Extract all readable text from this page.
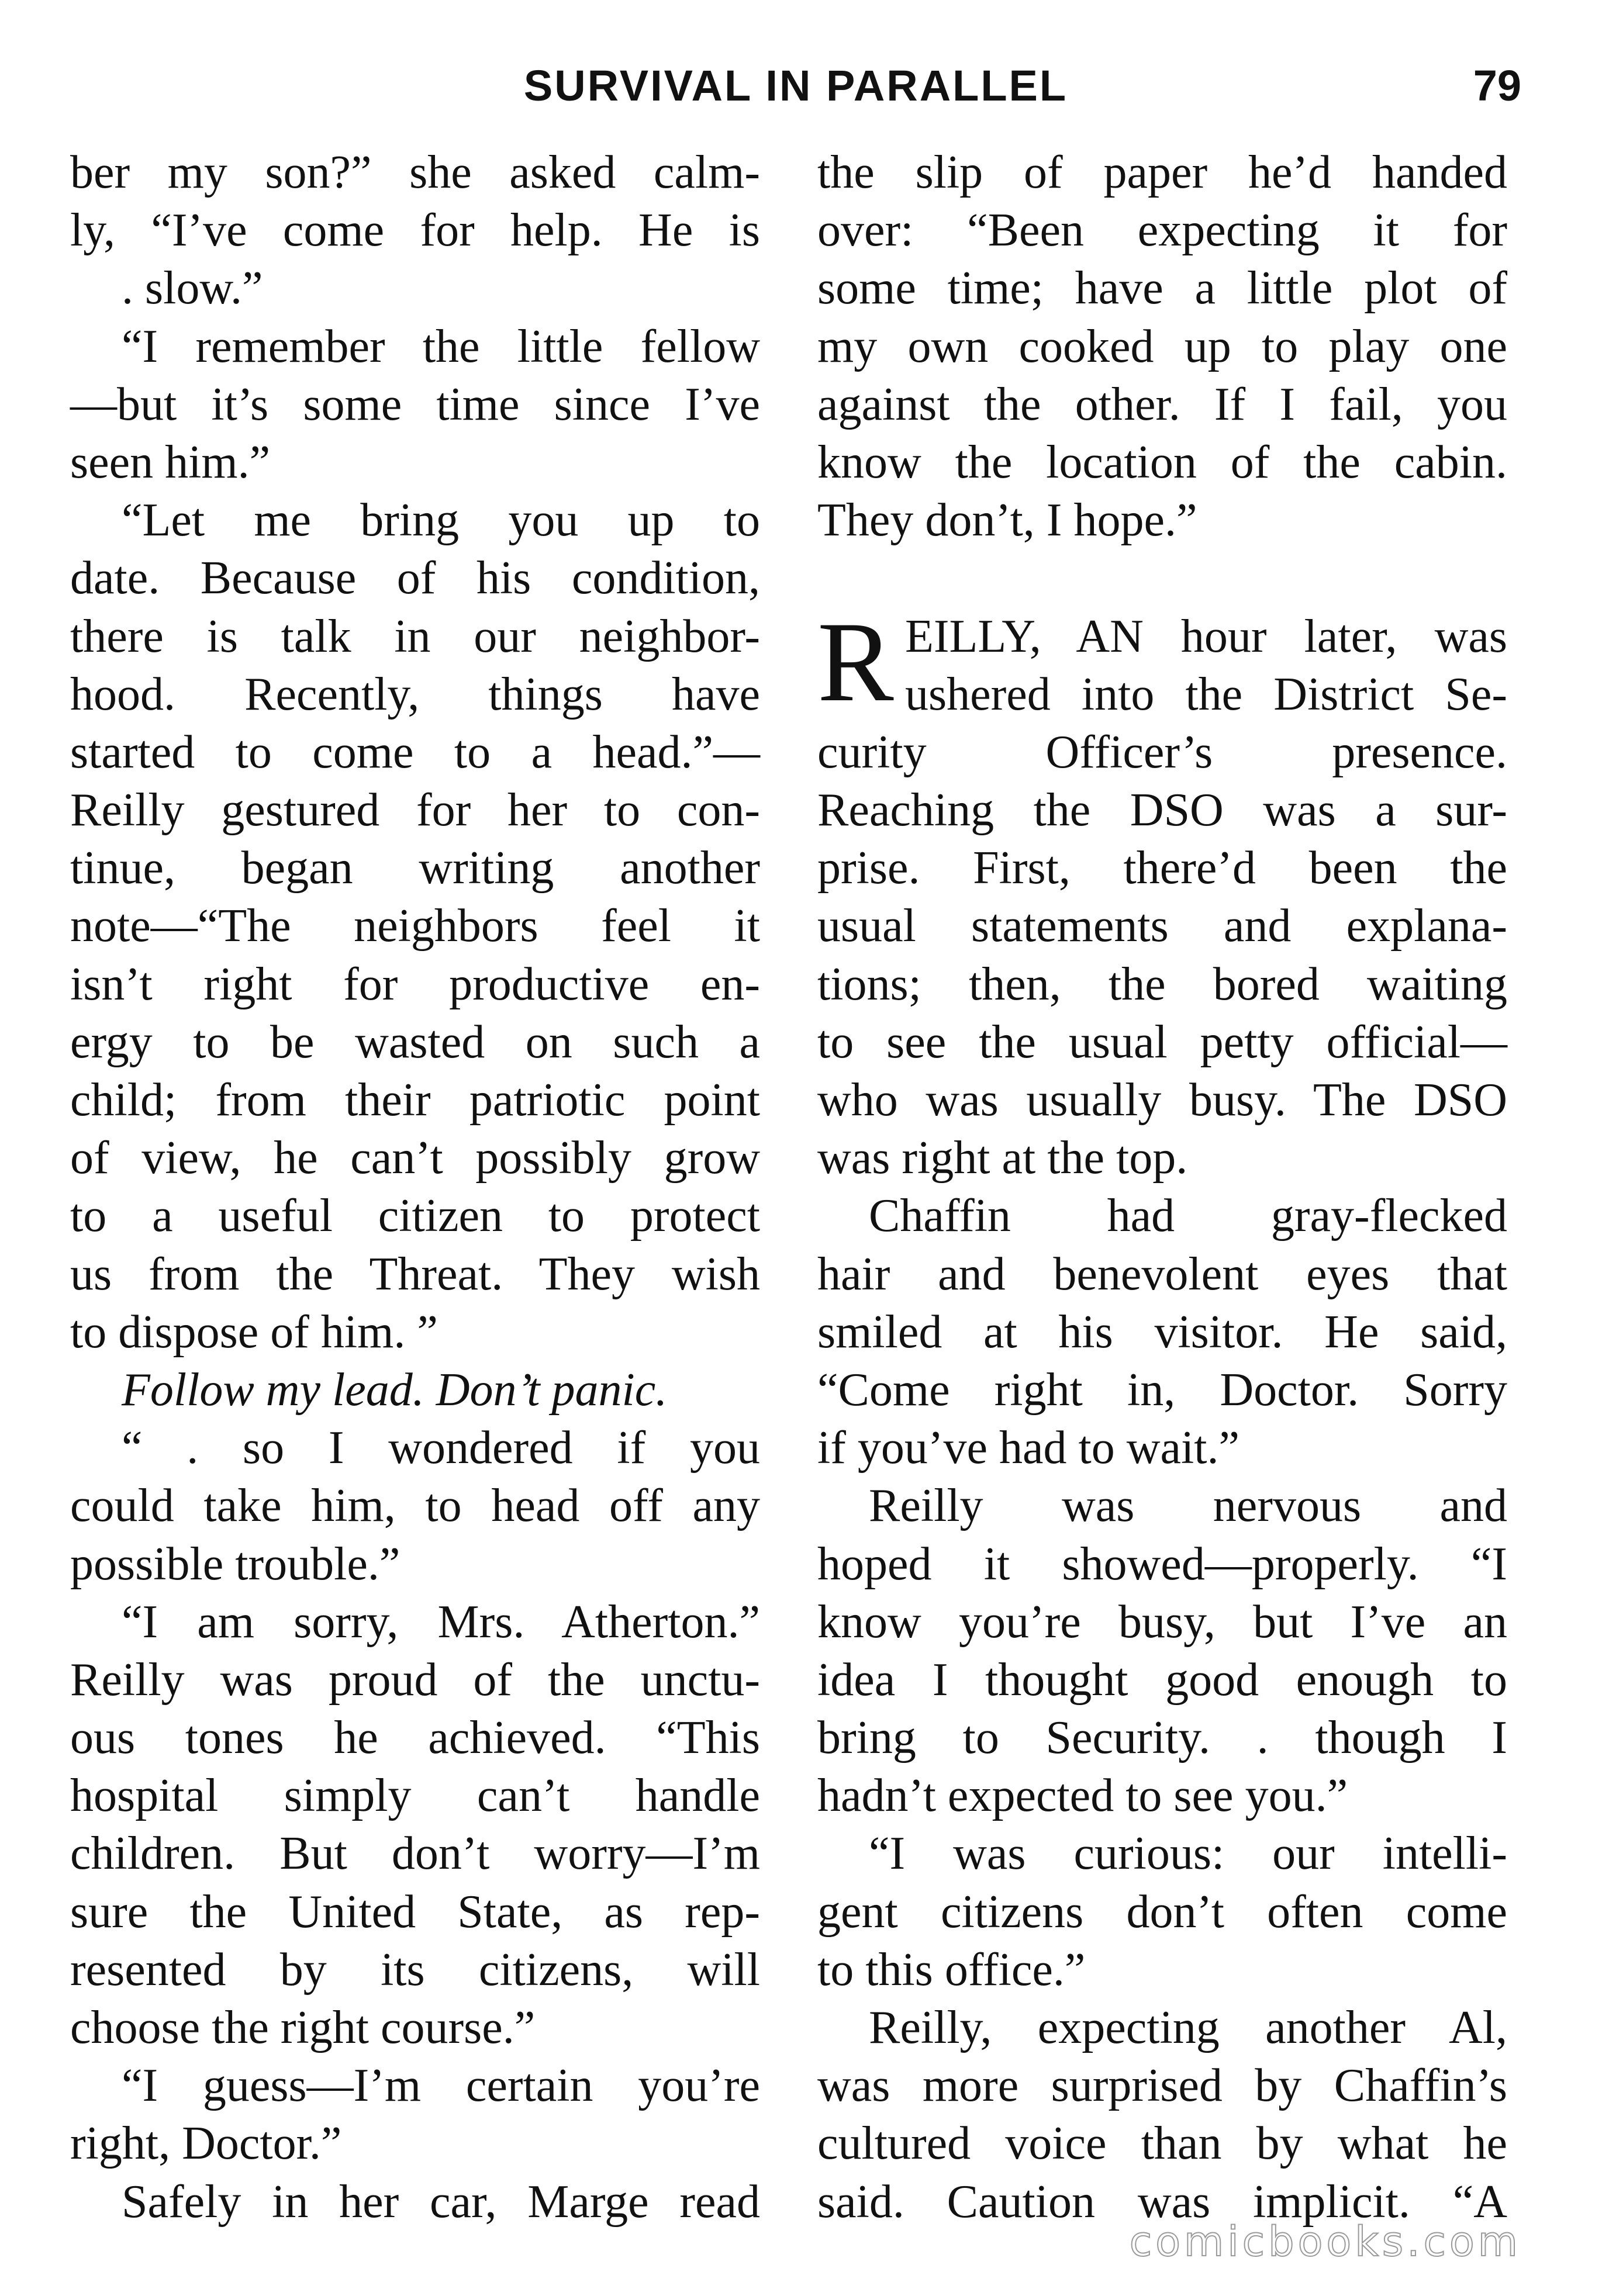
SURVIVAL IN PARALLEL	79
ber my son?” she asked calm-
ly, “I’ve come for help. He is
. slow.”
“I remember the little fellow
—but it’s some time since I’ve
seen him.”
“Let me bring you up to
date. Because of his condition,
there is talk in our neighbor-
hood. Recently, things have
started to come to a head.”—
Reilly gestured for her to con-
tinue, began writing another
note—“The neighbors feel it
isn’t right for productive en-
ergy to be wasted on such a
child; from their patriotic point
of view, he can’t possibly grow
to a useful citizen to protect
us from the Threat. They wish
to dispose of him. ”
Follow my lead. Don’t panic.
“ . so I wondered if you
could take him, to head off any
possible trouble.”
“I am sorry, Mrs. Atherton.”
Reilly was proud of the unctu-
ous tones he achieved. “This
hospital simply can’t handle
children. But don’t worry—I’m
sure the United State, as rep-
resented by its citizens, will
choose the right course.”
“I guess—I’m certain you’re
right, Doctor.”
Safely in her car, Marge read
the slip of paper he’d handed
over: “Been expecting it for
some time; have a little plot of
my own cooked up to play one
against the other. If I fail, you
know the location of the cabin.
They don’t, I hope.”
R EILLY, AN hour later, was
ushered into the District Se-
curity Officer’s presence.
Reaching the DSO was a sur-
prise. First, there’d been the
usual statements and explana-
tions; then, the bored waiting
to see the usual petty official—
who was usually busy. The DSO
was right at the top.
Chaffin had gray-flecked
hair and benevolent eyes that
smiled at his visitor. He said,
“Come right in, Doctor. Sorry
if you’ve had to wait.”
Reilly was nervous and
hoped it showed—properly. “I
know you’re busy, but I’ve an
idea I thought good enough to
bring to Security. . though I
hadn’t expected to see you.”
“I was curious: our intelli-
gent citizens don’t often come
to this office.”
Reilly, expecting another Al,
was more surprised by Chaffin’s
cultured voice than by what he
said. Caution was implicit. “A
comicbooks.com
